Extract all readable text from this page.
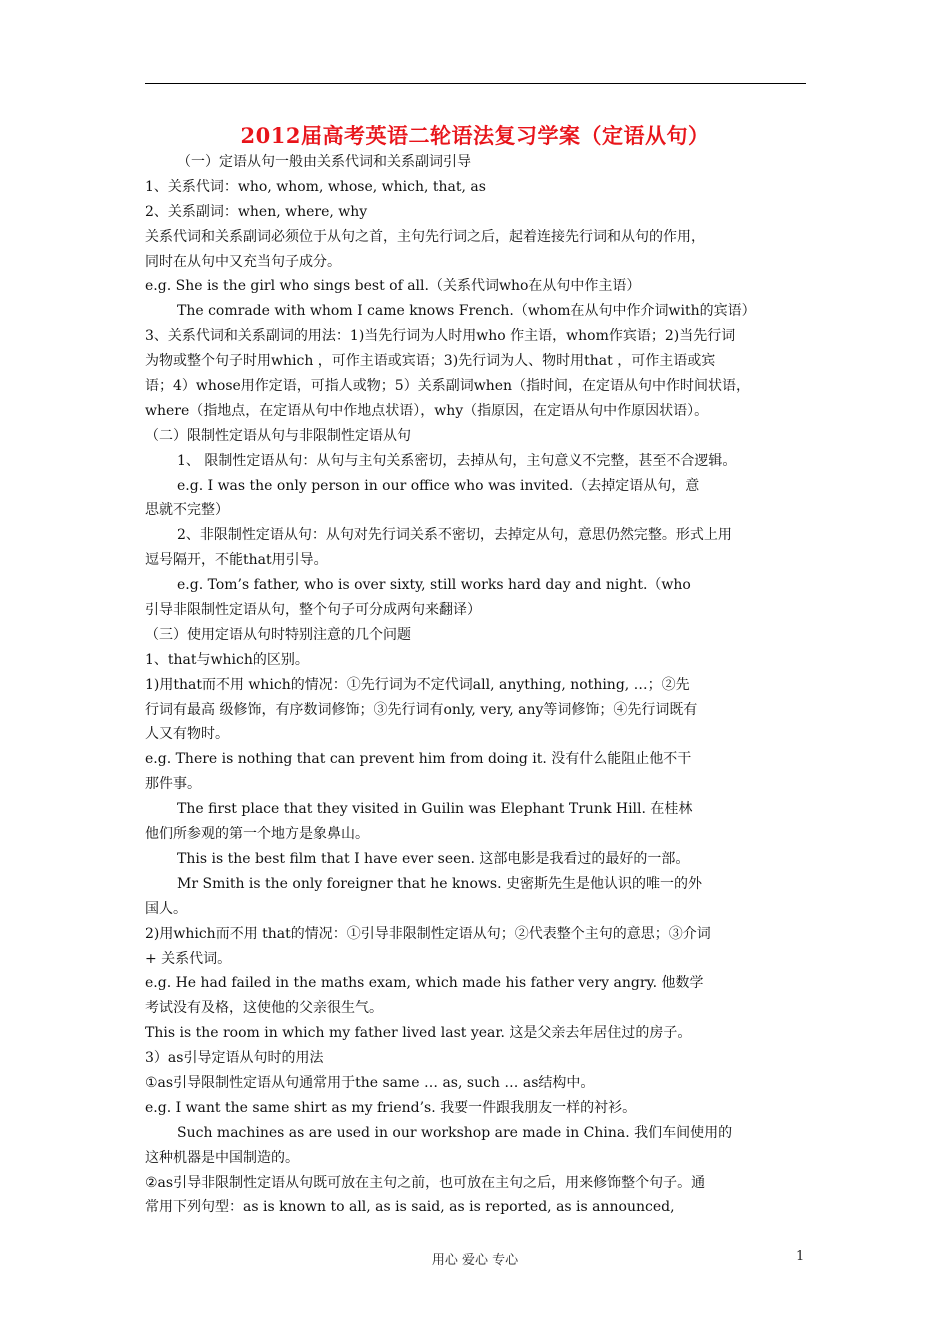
2012届高考英语二轮语法复习学案（定语从句）
（一）定语从句一般由关系代词和关系副词引导
1、关系代词：who, whom, whose, which, that, as
2、关系副词：when, where, why
关系代词和关系副词必须位于从句之首，主句先行词之后，起着连接先行词和从句的作用，
同时在从句中又充当句子成分。
e.g. She is the girl who sings best of all.（关系代词who在从句中作主语）
The comrade with whom I came knows French.（whom在从句中作介词with的宾语）
3、关系代词和关系副词的用法：1)当先行词为人时用who 作主语，whom作宾语；2)当先行词
为物或整个句子时用which ，可作主语或宾语；3)先行词为人、物时用that ，可作主语或宾
语；4）whose用作定语，可指人或物；5）关系副词when（指时间，在定语从句中作时间状语，
where（指地点，在定语从句中作地点状语），why（指原因，在定语从句中作原因状语）。
（二）限制性定语从句与非限制性定语从句
1、 限制性定语从句：从句与主句关系密切，去掉从句，主句意义不完整，甚至不合逻辑。
e.g. I was the only person in our office who was invited.（去掉定语从句，意
思就不完整）
2、非限制性定语从句：从句对先行词关系不密切，去掉定从句，意思仍然完整。形式上用
逗号隔开，不能that用引导。
e.g. Tom’s father, who is over sixty, still works hard day and night.（who
引导非限制性定语从句，整个句子可分成两句来翻译）
（三）使用定语从句时特别注意的几个问题
1、that与which的区别。
1)用that而不用 which的情况：①先行词为不定代词all, anything, nothing, …；②先
行词有最高 级修饰，有序数词修饰；③先行词有only, very, any等词修饰；④先行词既有
人又有物时。
e.g. There is nothing that can prevent him from doing it. 没有什么能阻止他不干
那件事。
The first place that they visited in Guilin was Elephant Trunk Hill. 在桂林
他们所参观的第一个地方是象鼻山。
This is the best film that I have ever seen. 这部电影是我看过的最好的一部。
Mr Smith is the only foreigner that he knows. 史密斯先生是他认识的唯一的外
国人。
2)用which而不用 that的情况：①引导非限制性定语从句；②代表整个主句的意思；③介词
+ 关系代词。
e.g. He had failed in the maths exam, which made his father very angry. 他数学
考试没有及格，这使他的父亲很生气。
This is the room in which my father lived last year. 这是父亲去年居住过的房子。
3）as引导定语从句时的用法
①as引导限制性定语从句通常用于the same … as, such … as结构中。
e.g. I want the same shirt as my friend’s. 我要一件跟我朋友一样的衬衫。
Such machines as are used in our workshop are made in China. 我们车间使用的
这种机器是中国制造的。
②as引导非限制性定语从句既可放在主句之前，也可放在主句之后，用来修饰整个句子。通
常用下列句型：as is known to all, as is said, as is reported, as is announced,
用心 爱心 专心	1
